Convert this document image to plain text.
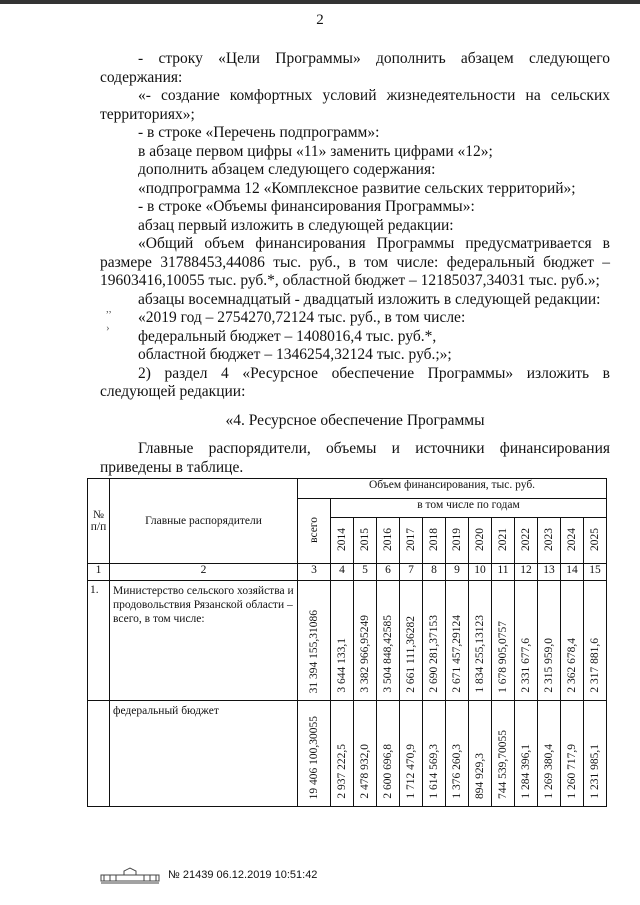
2

- строку «Цели Программы» дополнить абзацем следующего содержания:

«- создание комфортных условий жизнедеятельности на сельских территориях»;

- в строке «Перечень подпрограмм»:

в абзаце первом цифры «11» заменить цифрами «12»;

дополнить абзацем следующего содержания:

«подпрограмма 12 «Комплексное развитие сельских территорий»;

- в строке «Объемы финансирования Программы»:

абзац первый изложить в следующей редакции:

«Общий объем финансирования Программы предусматривается в размере 31788453,44086 тыс. руб., в том числе: федеральный бюджет – 19603416,10055 тыс. руб.*, областной бюджет – 12185037,34031 тыс. руб.»;

абзацы восемнадцатый - двадцатый изложить в следующей редакции:

«2019 год – 2754270,72124 тыс. руб., в том числе:

федеральный бюджет – 1408016,4 тыс. руб.*,

областной бюджет – 1346254,32124 тыс. руб.;»;

2) раздел 4 «Ресурсное обеспечение Программы» изложить в следующей редакции:

«4. Ресурсное обеспечение Программы

Главные распорядители, объемы и источники финансирования приведены в таблице.

,,
›
№ п/п	Главные распорядители	Объем финансирования, тыс. руб.												
		всего	в том числе по годам											
			2014	2015	2016	2017	2018	2019	2020	2021	2022	2023	2024	2025
1	2	3	4	5	6	7	8	9	10	11	12	13	14	15
1.	Министерство сельского хозяйства и продовольствия Рязанской области – всего, в том числе:	31 394 155,31086	3 644 133,1	3 382 966,95249	3 504 848,42585	2 661 111,36282	2 690 281,37153	2 671 457,29124	1 834 255,13123	1 678 905,0757	2 331 677,6	2 315 959,0	2 362 678,4	2 317 881,6
	федеральный бюджет	19 406 100,30055	2 937 222,5	2 478 932,0	2 600 696,8	1 712 470,9	1 614 569,3	1 376 260,3	894 929,3	744 539,70055	1 284 396,1	1 269 380,4	1 260 717,9	1 231 985,1
№ 21439 06.12.2019 10:51:42
